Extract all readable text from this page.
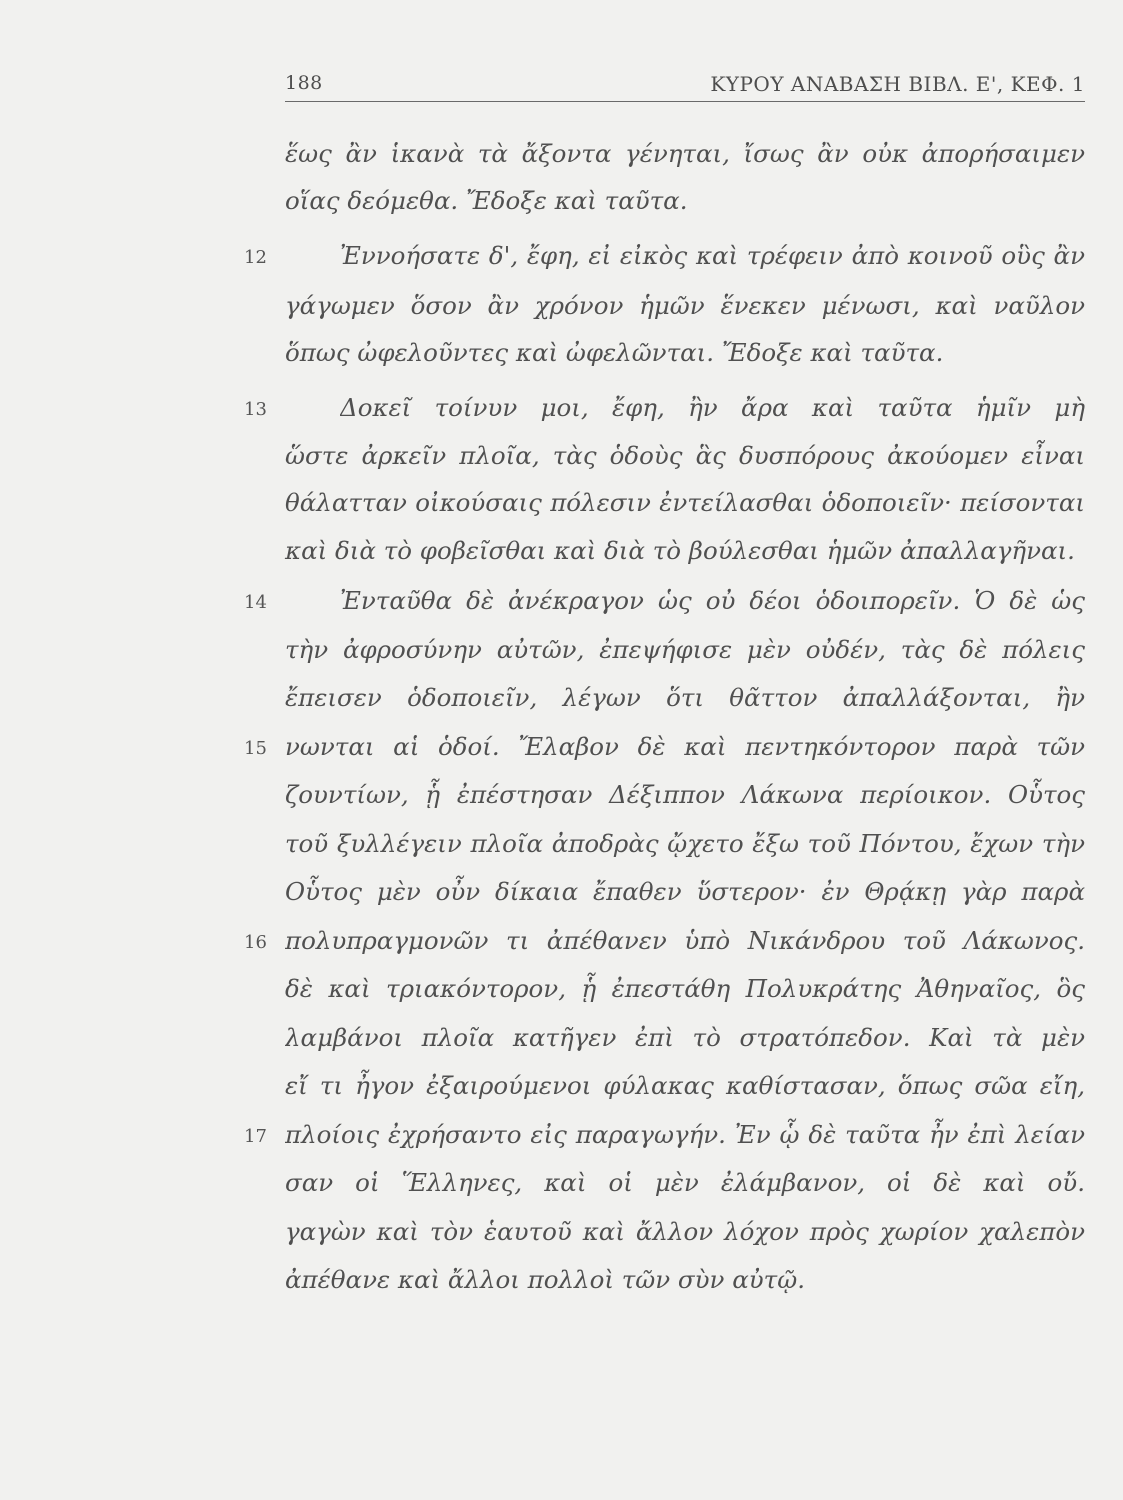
188	ΚΥΡΟΥ ΑΝΑΒΑΣΗ ΒΙΒΛ. Ε', ΚΕΦ. 1
12
13
14
15
16
17
ἕως ἂν ἱκανὰ τὰ ἄξοντα γένηται, ἴσως ἂν οὐκ ἀπορήσαιμεν
οἵας δεόμεθα. Ἔδοξε καὶ ταῦτα.
Ἐννοήσατε δ', ἔφη, εἰ εἰκὸς καὶ τρέφειν ἀπὸ κοινοῦ οὓς ἂν
γάγωμεν ὅσον ἂν χρόνον ἡμῶν ἕνεκεν μένωσι, καὶ ναῦλον
ὅπως ὠφελοῦντες καὶ ὠφελῶνται. Ἔδοξε καὶ ταῦτα.
Δοκεῖ τοίνυν μοι, ἔφη, ἢν ἄρα καὶ ταῦτα ἡμῖν μὴ
ὥστε ἀρκεῖν πλοῖα, τὰς ὁδοὺς ἃς δυσπόρους ἀκούομεν εἶναι
θάλατταν οἰκούσαις πόλεσιν ἐντείλασθαι ὁδοποιεῖν· πείσονται
καὶ διὰ τὸ φοβεῖσθαι καὶ διὰ τὸ βούλεσθαι ἡμῶν ἀπαλλαγῆναι.
Ἐνταῦθα δὲ ἀνέκραγον ὡς οὐ δέοι ὁδοιπορεῖν. Ὁ δὲ ὡς
τὴν ἀφροσύνην αὐτῶν, ἐπεψήφισε μὲν οὐδέν, τὰς δὲ πόλεις
ἔπεισεν ὁδοποιεῖν, λέγων ὅτι θᾶττον ἀπαλλάξονται, ἢν
νωνται αἱ ὁδοί. Ἔλαβον δὲ καὶ πεντηκόντορον παρὰ τῶν
ζουντίων, ᾗ ἐπέστησαν Δέξιππον Λάκωνα περίοικον. Οὗτος
τοῦ ξυλλέγειν πλοῖα ἀποδρὰς ᾤχετο ἔξω τοῦ Πόντου, ἔχων τὴν
Οὗτος μὲν οὖν δίκαια ἔπαθεν ὕστερον· ἐν Θρᾴκῃ γὰρ παρὰ
πολυπραγμονῶν τι ἀπέθανεν ὑπὸ Νικάνδρου τοῦ Λάκωνος.
δὲ καὶ τριακόντορον, ᾗ ἐπεστάθη Πολυκράτης Ἀθηναῖος, ὃς
λαμβάνοι πλοῖα κατῆγεν ἐπὶ τὸ στρατόπεδον. Καὶ τὰ μὲν
εἴ τι ἦγον ἐξαιρούμενοι φύλακας καθίστασαν, ὅπως σῶα εἴη,
πλοίοις ἐχρήσαντο εἰς παραγωγήν. Ἐν ᾧ δὲ ταῦτα ἦν ἐπὶ λείαν
σαν οἱ Ἕλληνες, καὶ οἱ μὲν ἐλάμβανον, οἱ δὲ καὶ οὔ.
γαγὼν καὶ τὸν ἑαυτοῦ καὶ ἄλλον λόχον πρὸς χωρίον χαλεπὸν
ἀπέθανε καὶ ἄλλοι πολλοὶ τῶν σὺν αὐτῷ.
